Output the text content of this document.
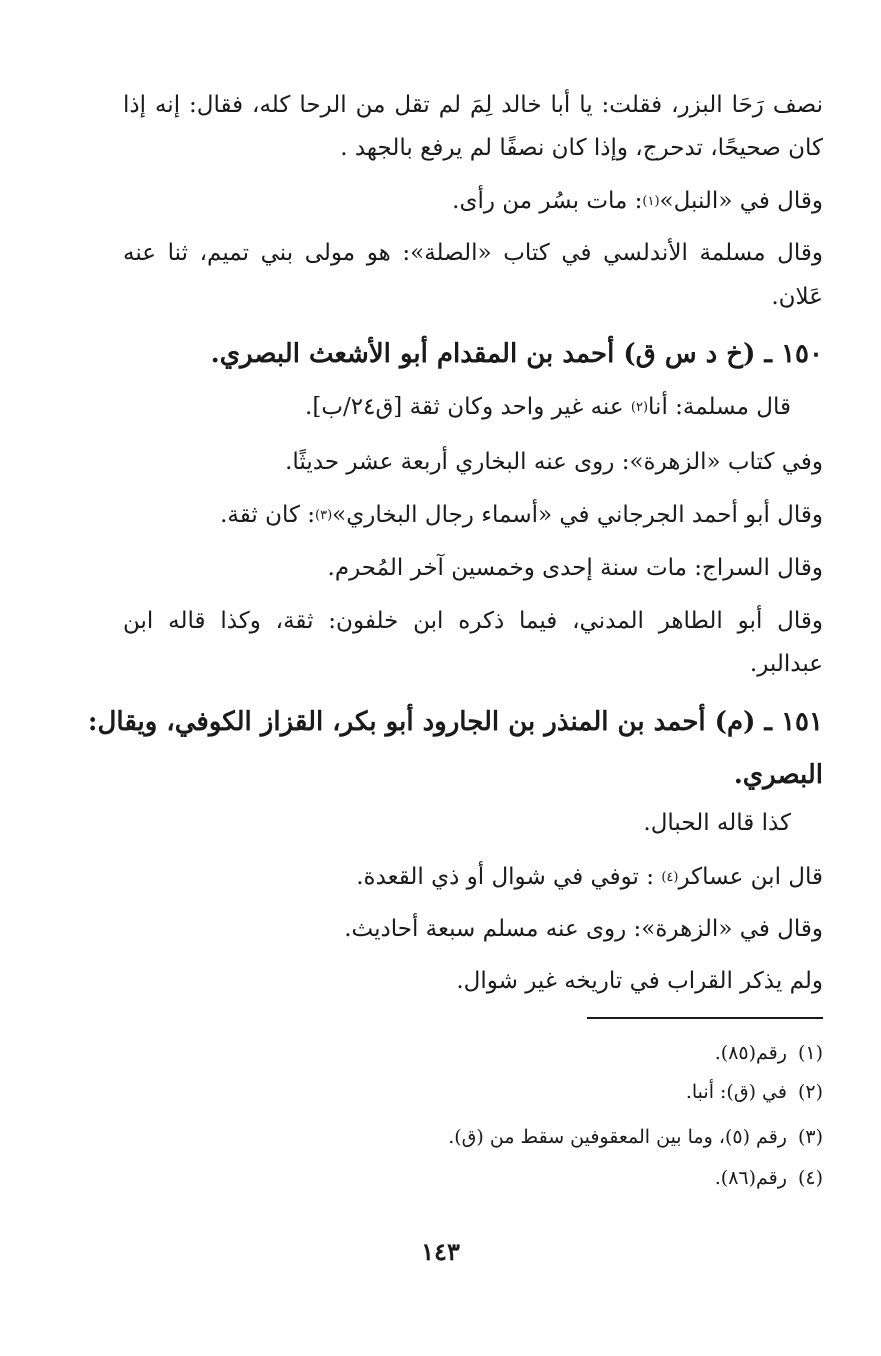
نصف رَحَا البزر، فقلت: يا أبا خالد لِمَ لم تقل من الرحا كله، فقال: إنه إذا
كان صحيحًا، تدحرج، وإذا كان نصفًا لم يرفع بالجهد .
وقال في «النبل»$^{(١)}$: مات بسُر من رأى.
وقال مسلمة الأندلسي في كتاب «الصلة»: هو مولى بني تميم، ثنا عنه
عَلان.
١٥٠ ـ (خ د س ق) أحمد بن المقدام أبو الأشعث البصري.
قال مسلمة: أنا$^{(٢)}$ عنه غير واحد وكان ثقة [ق٢٤/ب].
وفي كتاب «الزهرة»: روى عنه البخاري أربعة عشر حديثًا.
وقال أبو أحمد الجرجاني في «أسماء رجال البخاري»$^{(٣)}$: كان ثقة.
وقال السراج: مات سنة إحدى وخمسين آخر المُحرم.
وقال أبو الطاهر المدني، فيما ذكره ابن خلفون: ثقة، وكذا قاله ابن
عبدالبر.
١٥١ ـ (م) أحمد بن المنذر بن الجارود أبو بكر، القزاز الكوفي، ويقال:
البصري.
كذا قاله الحبال.
قال ابن عساكر$^{(٤)}$ : توفي في شوال أو ذي القعدة.
وقال في «الزهرة»: روى عنه مسلم سبعة أحاديث.
ولم يذكر القراب في تاريخه غير شوال.
(١) رقم(٨٥).
(٢) في (ق): أنبا.
(٣) رقم (٥)، وما بين المعقوفين سقط من (ق).
(٤) رقم(٨٦).
١٤٣
